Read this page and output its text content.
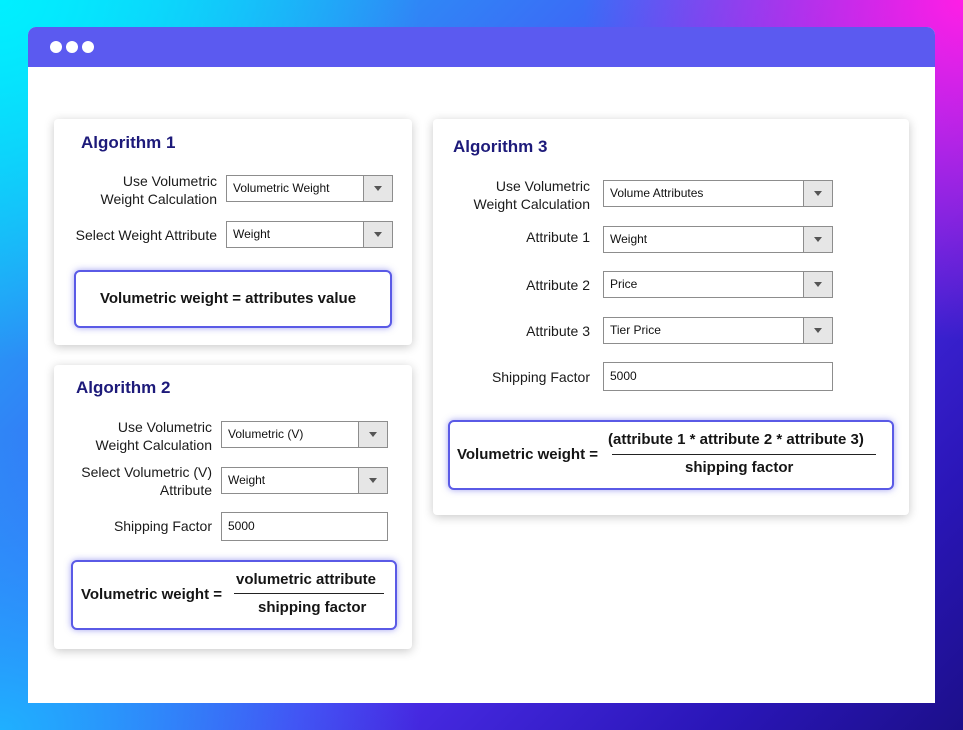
Algorithm 1
Use Volumetric
Weight Calculation
Volumetric Weight
Select Weight Attribute Weight
Volumetric weight = attributes value
Algorithm 2
Use Volumetric
Weight Calculation
Volumetric (V)
Select Volumetric (V)
Attribute
Weight
Shipping Factor 5000
Volumetric weight =
volumetric attribute
shipping factor
Algorithm 3
Use Volumetric
Weight Calculation
Volume Attributes
Attribute 1 Weight
Attribute 2 Price
Attribute 3 Tier Price
Shipping Factor 5000
Volumetric weight =
(attribute 1 * attribute 2 * attribute 3)
shipping factor
